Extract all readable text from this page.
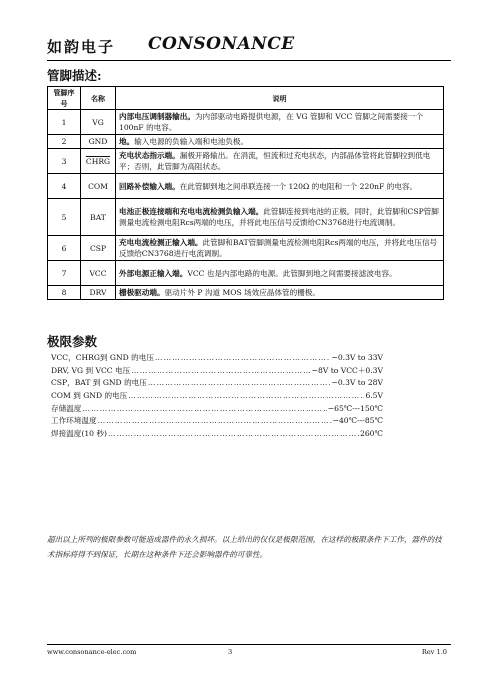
如韵电子 CONSONANCE
管脚描述:
管脚序号	名称	说明
1	VG	内部电压调制器输出。为内部驱动电路提供电源，在 VG 管脚和 VCC 管脚之间需要接一个 100nF 的电容。
2	GND	地。输入电源的负输入端和电池负极。
3	CHRG	充电状态指示端。漏极开路输出。在涓流，恒流和过充电状态，内部晶体管将此管脚拉到低电平；否则，此管脚为高阻状态。
4	COM	回路补偿输入端。在此管脚到地之间串联连接一个 120Ω 的电阻和一个 220nF 的电容。
5	BAT	电池正极连接端和充电电流检测负输入端。此管脚连接到电池的正极。同时，此管脚和CSP管脚测量电流检测电阻Rcs两端的电压，并将此电压信号反馈给CN3768进行电流调制。
6	CSP	充电电流检测正输入端。此管脚和BAT管脚测量电流检测电阻Rcs两端的电压，并将此电压信号反馈给CN3768进行电流调制。
7	VCC	外部电源正输入端。VCC 也是内部电路的电源。此管脚到地之间需要接滤波电容。
8	DRV	栅极驱动端。驱动片外 P 沟道 MOS 场效应晶体管的栅极。
极限参数
VCC，CHRG到 GND 的电压 ……………………………………………………………………………………………………………………………………	−0.3V to 33V
DRV, VG 到 VCC 电压 ……………………………………………………………………………………………………………………………………	−8V to VCC＋0.3V
CSP，BAT 到 GND 的电压 ……………………………………………………………………………………………………………………………………	−0.3V to 28V
COM 到 GND 的电压 ……………………………………………………………………………………………………………………………………	6.5V
存储温度 ……………………………………………………………………………………………………………………………………	−65℃---150℃
工作环境温度 ……………………………………………………………………………………………………………………………………	−40℃---85℃
焊接温度(10 秒) ……………………………………………………………………………………………………………………………………	260℃
超出以上所列的极限参数可能造成器件的永久损坏。以上给出的仅仅是极限范围，在这样的极限条件下工作，器件的技术指标将得不到保证，长期在这种条件下还会影响器件的可靠性。
www.consonance-elec.com	3	Rev 1.0
